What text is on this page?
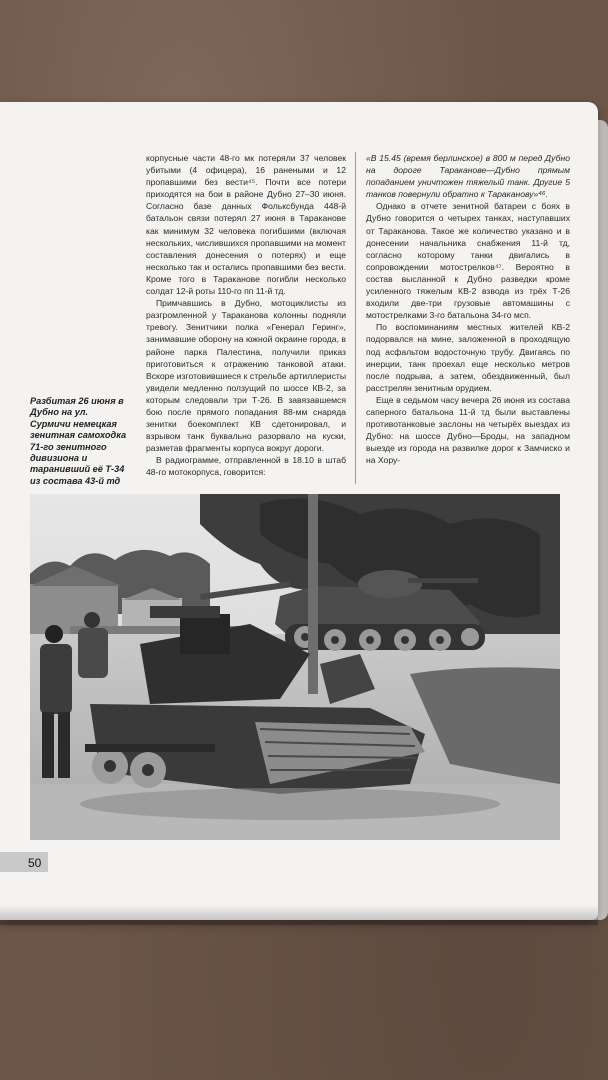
Разбитая 26 июня в Дубно на ул. Сурмичи немецкая зенитная самоходка 71-го зенитного дивизиона и таранивший её Т-34 из состава 43-й тд

корпусные части 48-го мк потеряли 37 человек убитыми (4 офицера), 16 ранеными и 12 пропавшими без вести⁴⁵. Почти все потери приходятся на бои в районе Дубно 27–30 июня. Согласно базе данных Фольксбунда 448-й батальон связи потерял 27 июня в Тараканове как минимум 32 человека погибшими (включая нескольких, числившихся пропавшими на момент составления донесения о потерях) и еще несколько так и остались пропавшими без вести. Кроме того в Тараканове погибли несколько солдат 12-й роты 110-го пп 11-й тд.

Примчавшись в Дубно, мотоциклисты из разгромленной у Тараканова колонны подняли тревогу. Зенитчики полка «Генерал Геринг», занимавшие оборону на южной окраине города, в районе парка Палестина, получили приказ приготовиться к отражению танковой атаки. Вскоре изготовившиеся к стрельбе артиллеристы увидели медленно ползущий по шоссе КВ-2, за которым следовали три Т-26. В завязавшемся бою после прямого попадания 88-мм снаряда зенитки боекомплект КВ сдетонировал, и взрывом танк буквально разорвало на куски, разметав фрагменты корпуса вокруг дороги.

В радиограмме, отправленной в 18.10 в штаб 48-го мотокорпуса, говорится:

«В 15.45 (время берлинское) в 800 м перед Дубно на дороге Тараканове—Дубно прямым попаданием уничтожен тяжелый танк. Другие 5 танков повернули обратно к Тараканову»⁴⁶.

Однако в отчете зенитной батареи с боях в Дубно говорится о четырех танках, наступавших от Тараканова. Такое же количество указано и в донесении начальника снабжения 11-й тд, согласно которому танки двигались в сопровождении мотострелков⁴⁷. Вероятно в состав высланной к Дубно разведки кроме усиленного тяжелым КВ-2 взвода из трёх Т-26 входили две-три грузовые автомашины с мотострелками 3-го батальона 34-го мсп.

По воспоминаниям местных жителей КВ-2 подорвался на мине, заложенной в проходящую под асфальтом водосточную трубу. Двигаясь по инерции, танк проехал еще несколько метров после подрыва, а затем, обездвиженный, был расстрелян зенитным орудием.

Еще в седьмом часу вечера 26 июня из состава саперного батальона 11-й тд были выставлены противотанковые заслоны на четырёх выездах из Дубно: на шоссе Дубно—Броды, на западном выезде из города на развилке дорог к Замчиско и на Хору-

50
